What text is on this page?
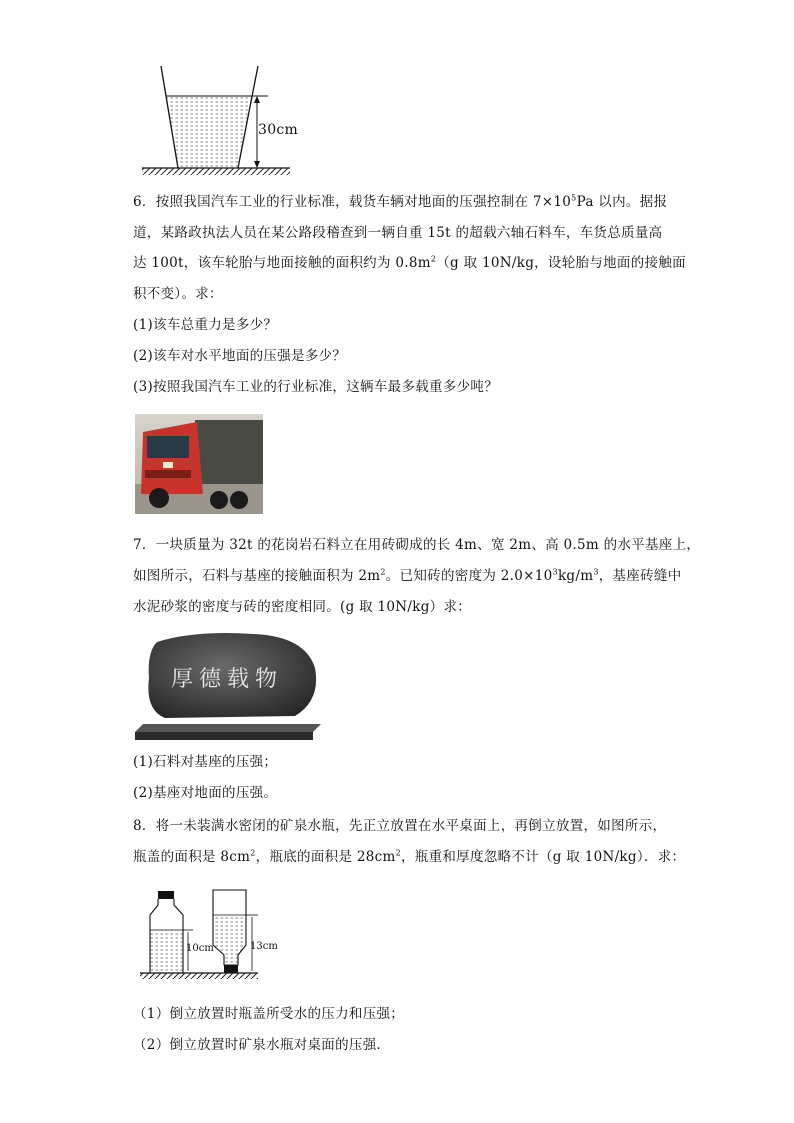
30cm
6．按照我国汽车工业的行业标准，载货车辆对地面的压强控制在 $7\times 10^5Pa$ 以内。据报
道，某路政执法人员在某公路段稽查到一辆自重 15t 的超载六轴石料车，车货总质量高
达 100t，该车轮胎与地面接触的面积约为 $0.8m^2(g$ 取 10N/kg，设轮胎与地面的接触面
积不变）。求：
(1)该车总重力是多少？
(2)该车对水平地面的压强是多少？
(3)按照我国汽车工业的行业标准，这辆车最多载重多少吨？
7．一块质量为 32t 的花岗岩石料立在用砖砌成的长 4m、宽 2m、高 0.5m 的水平基座上，
如图所示，石料与基座的接触面积为 $2m^2$。已知砖的密度为 $2.0\times 10^3kg/m^3$，基座砖缝中
水泥砂浆的密度与砖的密度相同。(g 取 10N/kg）求：
厚德载物
(1)石料对基座的压强；
(2)基座对地面的压强。
8．将一未装满水密闭的矿泉水瓶，先正立放置在水平桌面上，再倒立放置，如图所示，
瓶盖的面积是 $8cm^2$，瓶底的面积是 $28cm^2$，瓶重和厚度忽略不计（g 取 10N/kg）．求：
10cm	13cm
（1）倒立放置时瓶盖所受水的压力和压强；
（2）倒立放置时矿泉水瓶对桌面的压强．
